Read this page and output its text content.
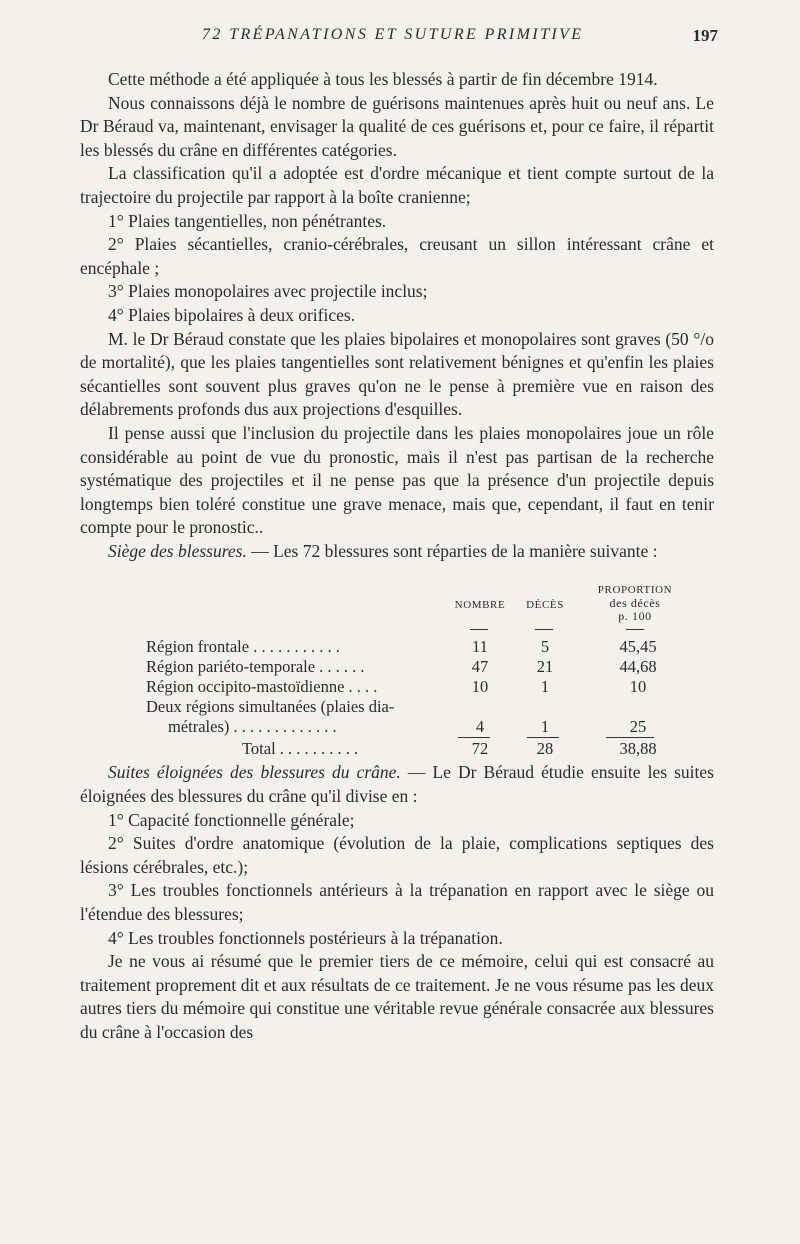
72 TRÉPANATIONS ET SUTURE PRIMITIVE	197

Cette méthode a été appliquée à tous les blessés à partir de fin décembre 1914.

Nous connaissons déjà le nombre de guérisons maintenues après huit ou neuf ans. Le Dr Béraud va, maintenant, envisager la qualité de ces guérisons et, pour ce faire, il répartit les blessés du crâne en différentes catégories.

La classification qu'il a adoptée est d'ordre mécanique et tient compte surtout de la trajectoire du projectile par rapport à la boîte cranienne;

1° Plaies tangentielles, non pénétrantes.

2° Plaies sécantielles, cranio-cérébrales, creusant un sillon intéressant crâne et encéphale ;

3° Plaies monopolaires avec projectile inclus;

4° Plaies bipolaires à deux orifices.

M. le Dr Béraud constate que les plaies bipolaires et monopolaires sont graves (50 °/o de mortalité), que les plaies tangentielles sont relativement bénignes et qu'enfin les plaies sécantielles sont souvent plus graves qu'on ne le pense à première vue en raison des délabrements profonds dus aux projections d'esquilles.

Il pense aussi que l'inclusion du projectile dans les plaies monopolaires joue un rôle considérable au point de vue du pronostic, mais il n'est pas partisan de la recherche systématique des projectiles et il ne pense pas que la présence d'un projectile depuis longtemps bien toléré constitue une grave menace, mais que, cependant, il faut en tenir compte pour le pronostic..

Siège des blessures. — Les 72 blessures sont réparties de la manière suivante :

NOMBRE	DÉCÈS
PROPORTION
des décès
p. 100
Région frontale . . . . . . . . . . .	11	5	45,45
Région pariéto-temporale . . . . . .	47	21	44,68
Région occipito-mastoïdienne . . . .	10	1	10
Deux régions simultanées (plaies dia-
métrales) . . . . . . . . . . . . .	4	1	25
Total . . . . . . . . . .	72	28	38,88

Suites éloignées des blessures du crâne. — Le Dr Béraud étudie ensuite les suites éloignées des blessures du crâne qu'il divise en :

1° Capacité fonctionnelle générale;

2° Suites d'ordre anatomique (évolution de la plaie, complications septiques des lésions cérébrales, etc.);

3° Les troubles fonctionnels antérieurs à la trépanation en rapport avec le siège ou l'étendue des blessures;

4° Les troubles fonctionnels postérieurs à la trépanation.

Je ne vous ai résumé que le premier tiers de ce mémoire, celui qui est consacré au traitement proprement dit et aux résultats de ce traitement. Je ne vous résume pas les deux autres tiers du mémoire qui constitue une véritable revue générale consacrée aux blessures du crâne à l'occasion des
